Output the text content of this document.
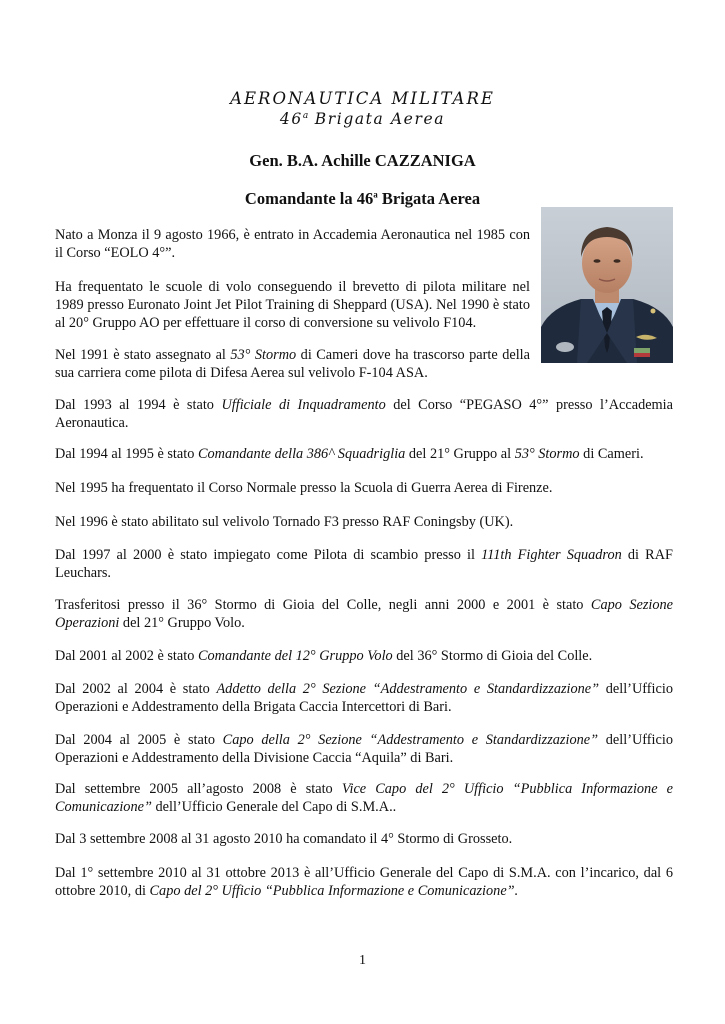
AERONAUTICA MILITARE
46$^a$ Brigata Aerea
Gen. B.A. Achille CAZZANIGA
Comandante la 46$^a$ Brigata Aerea

Nato a Monza il 9 agosto 1966, è entrato in Accademia Aeronautica nel 1985 con il Corso “EOLO 4°”.

Ha frequentato le scuole di volo conseguendo il brevetto di pilota militare nel 1989 presso Euronato Joint Jet Pilot Training di Sheppard (USA). Nel 1990 è stato al 20° Gruppo AO per effettuare il corso di conversione su velivolo F104.

Nel 1991 è stato assegnato al 53° Stormo di Cameri dove ha trascorso parte della sua carriera come pilota di Difesa Aerea sul velivolo F-104 ASA.

Dal 1993 al 1994 è stato Ufficiale di Inquadramento del Corso “PEGASO 4°” presso l’Accademia Aeronautica.

Dal 1994 al 1995 è stato Comandante della 386^ Squadriglia del 21° Gruppo al 53° Stormo di Cameri.

Nel 1995 ha frequentato il Corso Normale presso la Scuola di Guerra Aerea di Firenze.

Nel 1996 è stato abilitato sul velivolo Tornado F3 presso RAF Coningsby (UK).

Dal 1997 al 2000 è stato impiegato come Pilota di scambio presso il 111th Fighter Squadron di RAF Leuchars.

Trasferitosi presso il 36° Stormo di Gioia del Colle, negli anni 2000 e 2001 è stato Capo Sezione Operazioni del 21° Gruppo Volo.

Dal 2001 al 2002 è stato Comandante del 12° Gruppo Volo del 36° Stormo di Gioia del Colle.

Dal 2002 al 2004 è stato Addetto della 2° Sezione “Addestramento e Standardizzazione” dell’Ufficio Operazioni e Addestramento della Brigata Caccia Intercettori di Bari.

Dal 2004 al 2005 è stato Capo della 2° Sezione “Addestramento e Standardizzazione” dell’Ufficio Operazioni e Addestramento della Divisione Caccia “Aquila” di Bari.

Dal settembre 2005 all’agosto 2008 è stato Vice Capo del 2° Ufficio “Pubblica Informazione e Comunicazione” dell’Ufficio Generale del Capo di S.M.A..

Dal 3 settembre 2008 al 31 agosto 2010 ha comandato il 4° Stormo di Grosseto.

Dal 1° settembre 2010 al 31 ottobre 2013 è all’Ufficio Generale del Capo di S.M.A. con l’incarico, dal 6 ottobre 2010, di Capo del 2° Ufficio “Pubblica Informazione e Comunicazione”.

1
